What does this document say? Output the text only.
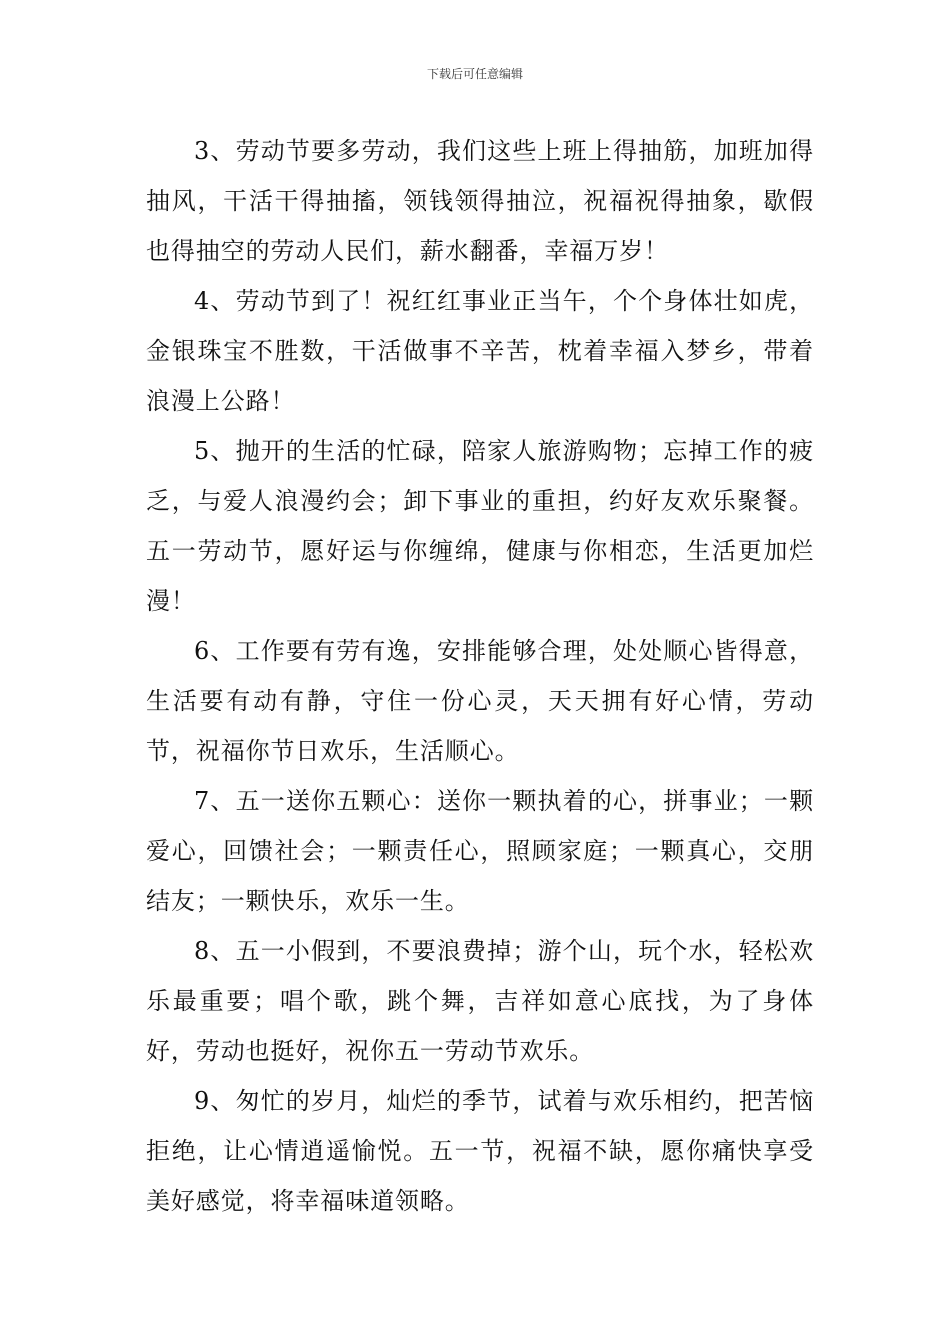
下载后可任意编辑

3、劳动节要多劳动，我们这些上班上得抽筋，加班加得抽风，干活干得抽搐，领钱领得抽泣，祝福祝得抽象，歇假也得抽空的劳动人民们，薪水翻番，幸福万岁！

4、劳动节到了！祝红红事业正当午，个个身体壮如虎，金银珠宝不胜数，干活做事不辛苦，枕着幸福入梦乡，带着浪漫上公路！

5、抛开的生活的忙碌，陪家人旅游购物；忘掉工作的疲乏，与爱人浪漫约会；卸下事业的重担，约好友欢乐聚餐。五一劳动节，愿好运与你缠绵，健康与你相恋，生活更加烂漫！

6、工作要有劳有逸，安排能够合理，处处顺心皆得意，生活要有动有静，守住一份心灵，天天拥有好心情，劳动节，祝福你节日欢乐，生活顺心。

7、五一送你五颗心：送你一颗执着的心，拼事业；一颗爱心，回馈社会；一颗责任心，照顾家庭；一颗真心，交朋结友；一颗快乐，欢乐一生。

8、五一小假到，不要浪费掉；游个山，玩个水，轻松欢乐最重要；唱个歌，跳个舞，吉祥如意心底找，为了身体好，劳动也挺好，祝你五一劳动节欢乐。

9、匆忙的岁月，灿烂的季节，试着与欢乐相约，把苦恼拒绝，让心情逍遥愉悦。五一节，祝福不缺，愿你痛快享受美好感觉，将幸福味道领略。
